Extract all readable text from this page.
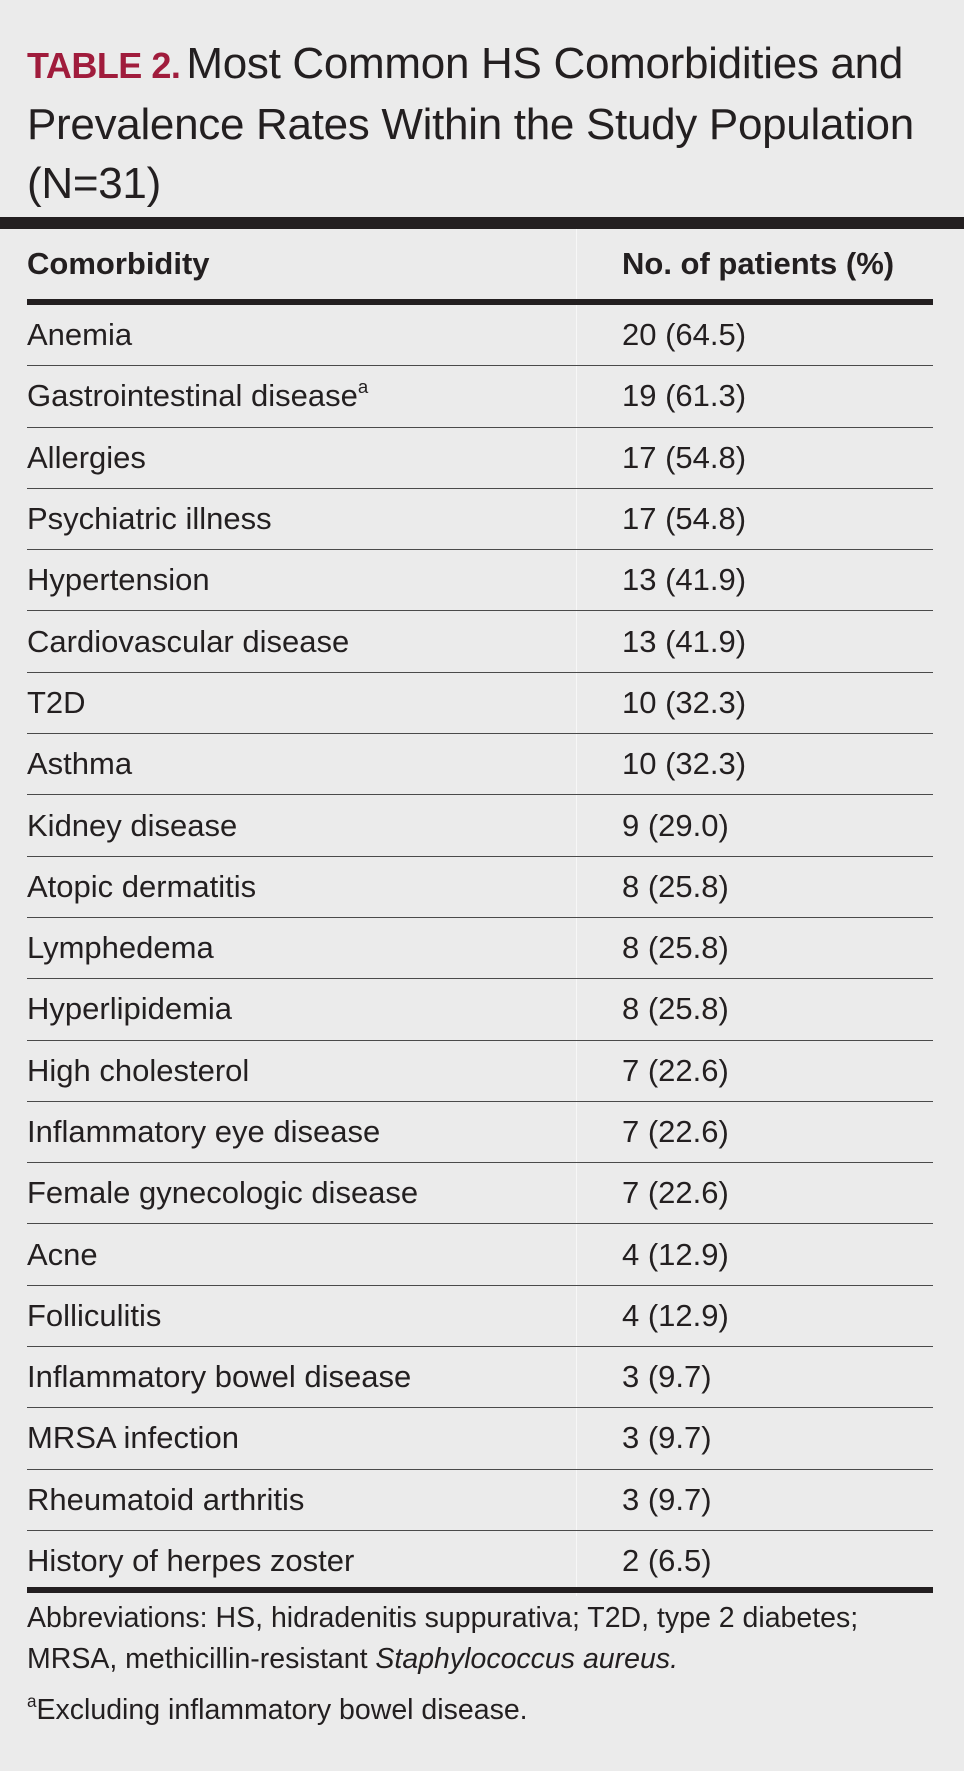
TABLE 2. Most Common HS Comorbidities and Prevalence Rates Within the Study Population (N=31)
Comorbidity	No. of patients (%)
Anemia	20 (64.5)
Gastrointestinal disease$^a$	19 (61.3)
Allergies	17 (54.8)
Psychiatric illness	17 (54.8)
Hypertension	13 (41.9)
Cardiovascular disease	13 (41.9)
T2D	10 (32.3)
Asthma	10 (32.3)
Kidney disease	9 (29.0)
Atopic dermatitis	8 (25.8)
Lymphedema	8 (25.8)
Hyperlipidemia	8 (25.8)
High cholesterol	7 (22.6)
Inflammatory eye disease	7 (22.6)
Female gynecologic disease	7 (22.6)
Acne	4 (12.9)
Folliculitis	4 (12.9)
Inflammatory bowel disease	3 (9.7)
MRSA infection	3 (9.7)
Rheumatoid arthritis	3 (9.7)
History of herpes zoster	2 (6.5)

Abbreviations: HS, hidradenitis suppurativa; T2D, type 2 diabetes; MRSA, methicillin-resistant Staphylococcus aureus.

$^a$Excluding inflammatory bowel disease.
